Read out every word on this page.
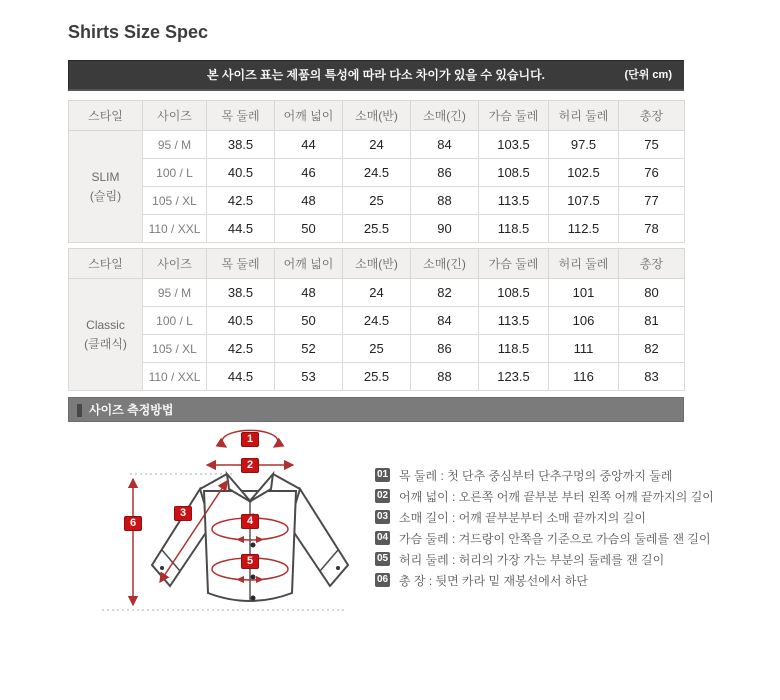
Shirts Size Spec
본 사이즈 표는 제품의 특성에 따라 다소 차이가 있을 수 있습니다.	(단위 cm)
스타일	사이즈	목 둘레	어깨 넓이	소매(반)	소매(긴)	가슴 둘레	허리 둘레	총장
SLIM
(슬림)	95 / M	38.5	44	24	84	103.5	97.5	75
	100 / L	40.5	46	24.5	86	108.5	102.5	76
	105 / XL	42.5	48	25	88	113.5	107.5	77
	110 / XXL	44.5	50	25.5	90	118.5	112.5	78
스타일	사이즈	목 둘레	어깨 넓이	소매(반)	소매(긴)	가슴 둘레	허리 둘레	총장
Classic
(클래식)	95 / M	38.5	48	24	82	108.5	101	80
	100 / L	40.5	50	24.5	84	113.5	106	81
	105 / XL	42.5	52	25	86	118.5	111	82
	110 / XXL	44.5	53	25.5	88	123.5	116	83
사이즈 측정방법
1
2
3
4
5
6
01 목 둘레 : 첫 단추 중심부터 단추구멍의 중앙까지 둘레
02 어깨 넓이 : 오른쪽 어깨 끝부분 부터 왼쪽 어깨 끝까지의 길이
03 소매 길이 : 어깨 끝부분부터 소매 끝까지의 길이
04 가슴 둘레 : 겨드랑이 안쪽을 기준으로 가슴의 둘레를 잰 길이
05 허리 둘레 : 허리의 가장 가는 부분의 둘레를 잰 길이
06 총 장 : 뒷면 카라 밑 재봉선에서 하단
